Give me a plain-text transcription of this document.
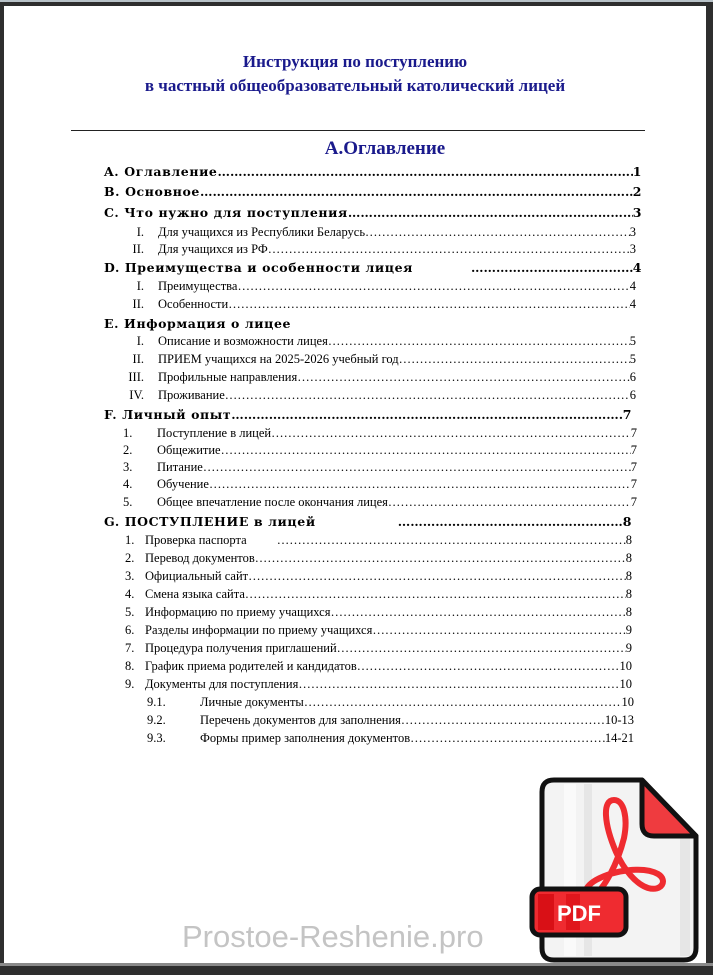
Инструкция по поступлению
в частный общеобразовательный католический лицей
А.Оглавление
A. Оглавление ……………………………………………………………………………………………………………………………………………………………………………………	1
B. Основное ……………………………………………………………………………………………………………………………………………………………………………………	2
C. Что нужно для поступления ……………………………………………………………………………………………………………………………………………………………………………………	3
I. Для учащихся из Республики Беларусь ……………………………………………………………………………………………………………………………………………………………………………………	3
II. Для учащихся из РФ ……………………………………………………………………………………………………………………………………………………………………………………	3
D. Преимущества и особенности лицея ……………………………………………………………………………………………………………………………………………………………………………………	4
I. Преимущества ……………………………………………………………………………………………………………………………………………………………………………………	4
II. Особенности ……………………………………………………………………………………………………………………………………………………………………………………	4
E. Информация о лицее
I. Описание и возможности лицея ……………………………………………………………………………………………………………………………………………………………………………………	5
II. ПРИЕМ учащихся на 2025-2026 учебный год ……………………………………………………………………………………………………………………………………………………………………………………	5
III. Профильные направления ……………………………………………………………………………………………………………………………………………………………………………………	6
IV. Проживание ……………………………………………………………………………………………………………………………………………………………………………………	6
F. Личный опыт ……………………………………………………………………………………………………………………………………………………………………………………	7
1.	Поступление в лицей ……………………………………………………………………………………………………………………………………………………………………………………	7
2.	Общежитие ……………………………………………………………………………………………………………………………………………………………………………………	7
3.	Питание ……………………………………………………………………………………………………………………………………………………………………………………	7
4.	Обучение ……………………………………………………………………………………………………………………………………………………………………………………	7
5.	Общее впечатление после окончания лицея ……………………………………………………………………………………………………………………………………………………………………………………	7
G. ПОСТУПЛЕНИЕ в лицей ……………………………………………………………………………………………………………………………………………………………………………………	8
1. Проверка паспорта ……………………………………………………………………………………………………………………………………………………………………………………	8
2. Перевод документов ……………………………………………………………………………………………………………………………………………………………………………………	8
3. Официальный сайт ……………………………………………………………………………………………………………………………………………………………………………………	8
4. Смена языка сайта ……………………………………………………………………………………………………………………………………………………………………………………	8
5. Информацию по приему учащихся ……………………………………………………………………………………………………………………………………………………………………………………	8
6. Разделы информации по приему учащихся ……………………………………………………………………………………………………………………………………………………………………………………	9
7. Процедура получения приглашений ……………………………………………………………………………………………………………………………………………………………………………………	9
8. График приема родителей и кандидатов ……………………………………………………………………………………………………………………………………………………………………………………	10
9. Документы для поступления ……………………………………………………………………………………………………………………………………………………………………………………	10
9.1.	Личные документы ……………………………………………………………………………………………………………………………………………………………………………………	10
9.2.	Перечень документов для заполнения ……………………………………………………………………………………………………………………………………………………………………………………	10-13
9.3.	Формы пример заполнения документов ……………………………………………………………………………………………………………………………………………………………………………………	14-21
Prostoe-Reshenie.pro
PDF
